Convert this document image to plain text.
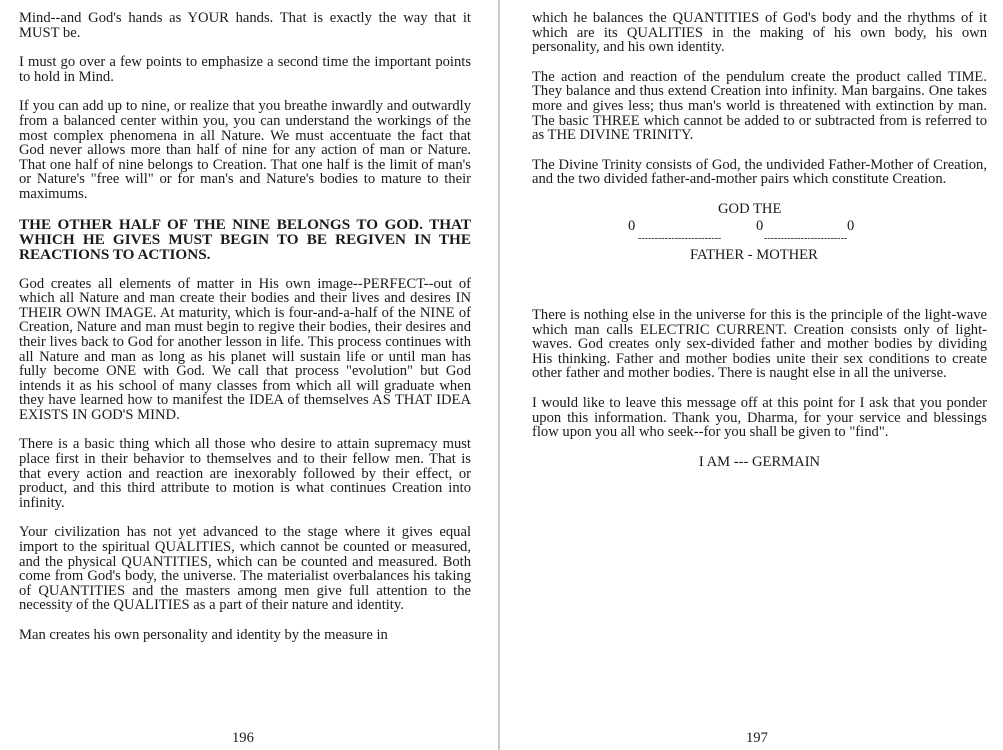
Mind--and God's hands as YOUR hands. That is exactly the way that it MUST be.

I must go over a few points to emphasize a second time the important points to hold in Mind.

If you can add up to nine, or realize that you breathe inwardly and outwardly from a balanced center within you, you can understand the workings of the most complex phenomena in all Nature. We must accentuate the fact that God never allows more than half of nine for any action of man or Nature. That one half of nine belongs to Creation. That one half is the limit of man's or Nature's "free will" or for man's and Nature's bodies to mature to their maximums.

THE OTHER HALF OF THE NINE BELONGS TO GOD. THAT WHICH HE GIVES MUST BEGIN TO BE REGIVEN IN THE REACTIONS TO ACTIONS.

God creates all elements of matter in His own image--PERFECT--out of which all Nature and man create their bodies and their lives and desires IN THEIR OWN IMAGE. At maturity, which is four-and-a-half of the NINE of Creation, Nature and man must begin to regive their bodies, their desires and their lives back to God for another lesson in life. This process continues with all Nature and man as long as his planet will sustain life or until man has fully become ONE with God. We call that process "evolution" but God intends it as his school of many classes from which all will graduate when they have learned how to manifest the IDEA of themselves AS THAT IDEA EXISTS IN GOD'S MIND.

There is a basic thing which all those who desire to attain supremacy must place first in their behavior to themselves and to their fellow men. That is that every action and reaction are inexorably followed by their effect, or product, and this third attribute to motion is what continues Creation into infinity.

Your civilization has not yet advanced to the stage where it gives equal import to the spiritual QUALITIES, which cannot be counted or measured, and the physical QUANTITIES, which can be counted and measured. Both come from God's body, the universe. The materialist overbalances his taking of QUANTITIES and the masters among men give full attention to the necessity of the QUALITIES as a part of their nature and identity.

Man creates his own personality and identity by the measure in

196

which he balances the QUANTITIES of God's body and the rhythms of it which are its QUALITIES in the making of his own body, his own personality, and his own identity.

The action and reaction of the pendulum create the product called TIME. They balance and thus extend Creation into infinity. Man bargains. One takes more and gives less; thus man's world is threatened with extinction by man. The basic THREE which cannot be added to or subtracted from is referred to as THE DIVINE TRINITY.

The Divine Trinity consists of God, the undivided Father-Mother of Creation, and the two divided father-and-mother pairs which constitute Creation.

GOD THE
0	0	0
-------------------------	-------------------------
FATHER - MOTHER

There is nothing else in the universe for this is the principle of the light-wave which man calls ELECTRIC CURRENT. Creation consists only of light-waves. God creates only sex-divided father and mother bodies by dividing His thinking. Father and mother bodies unite their sex conditions to create other father and mother bodies. There is naught else in all the universe.

I would like to leave this message off at this point for I ask that you ponder upon this information. Thank you, Dharma, for your service and blessings flow upon you all who seek--for you shall be given to "find".

I AM --- GERMAIN
197
